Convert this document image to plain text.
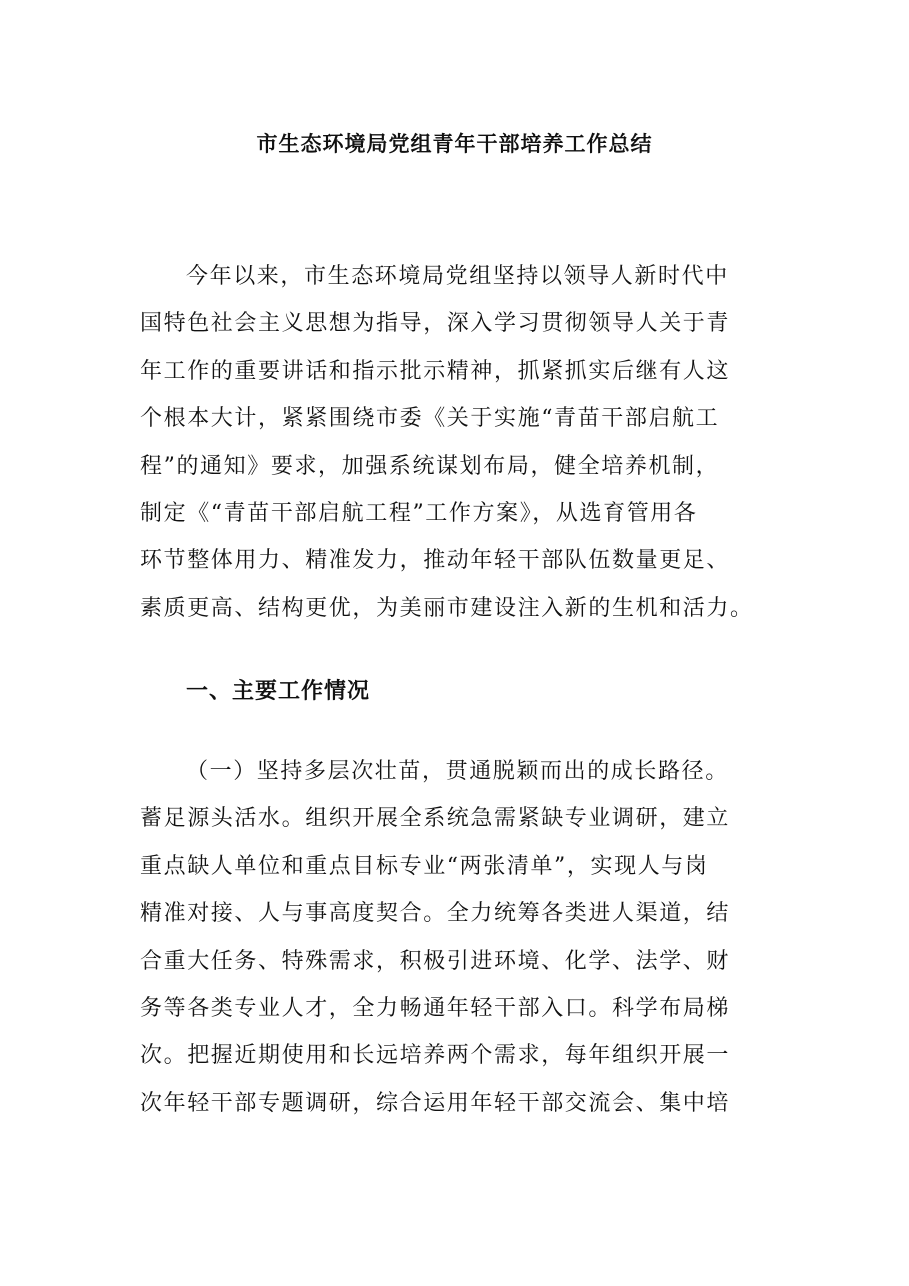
市生态环境局党组青年干部培养工作总结
今年以来，市生态环境局党组坚持以领导人新时代中
国特色社会主义思想为指导，深入学习贯彻领导人关于青
年工作的重要讲话和指示批示精神，抓紧抓实后继有人这
个根本大计，紧紧围绕市委《关于实施“青苗干部启航工
程”的通知》要求，加强系统谋划布局，健全培养机制，
制定《“青苗干部启航工程”工作方案》，从选育管用各
环节整体用力、精准发力，推动年轻干部队伍数量更足、
素质更高、结构更优，为美丽市建设注入新的生机和活力。
一、主要工作情况
（一）坚持多层次壮苗，贯通脱颖而出的成长路径。
蓄足源头活水。组织开展全系统急需紧缺专业调研，建立
重点缺人单位和重点目标专业“两张清单”，实现人与岗
精准对接、人与事高度契合。全力统筹各类进人渠道，结
合重大任务、特殊需求，积极引进环境、化学、法学、财
务等各类专业人才，全力畅通年轻干部入口。科学布局梯
次。把握近期使用和长远培养两个需求，每年组织开展一
次年轻干部专题调研，综合运用年轻干部交流会、集中培
